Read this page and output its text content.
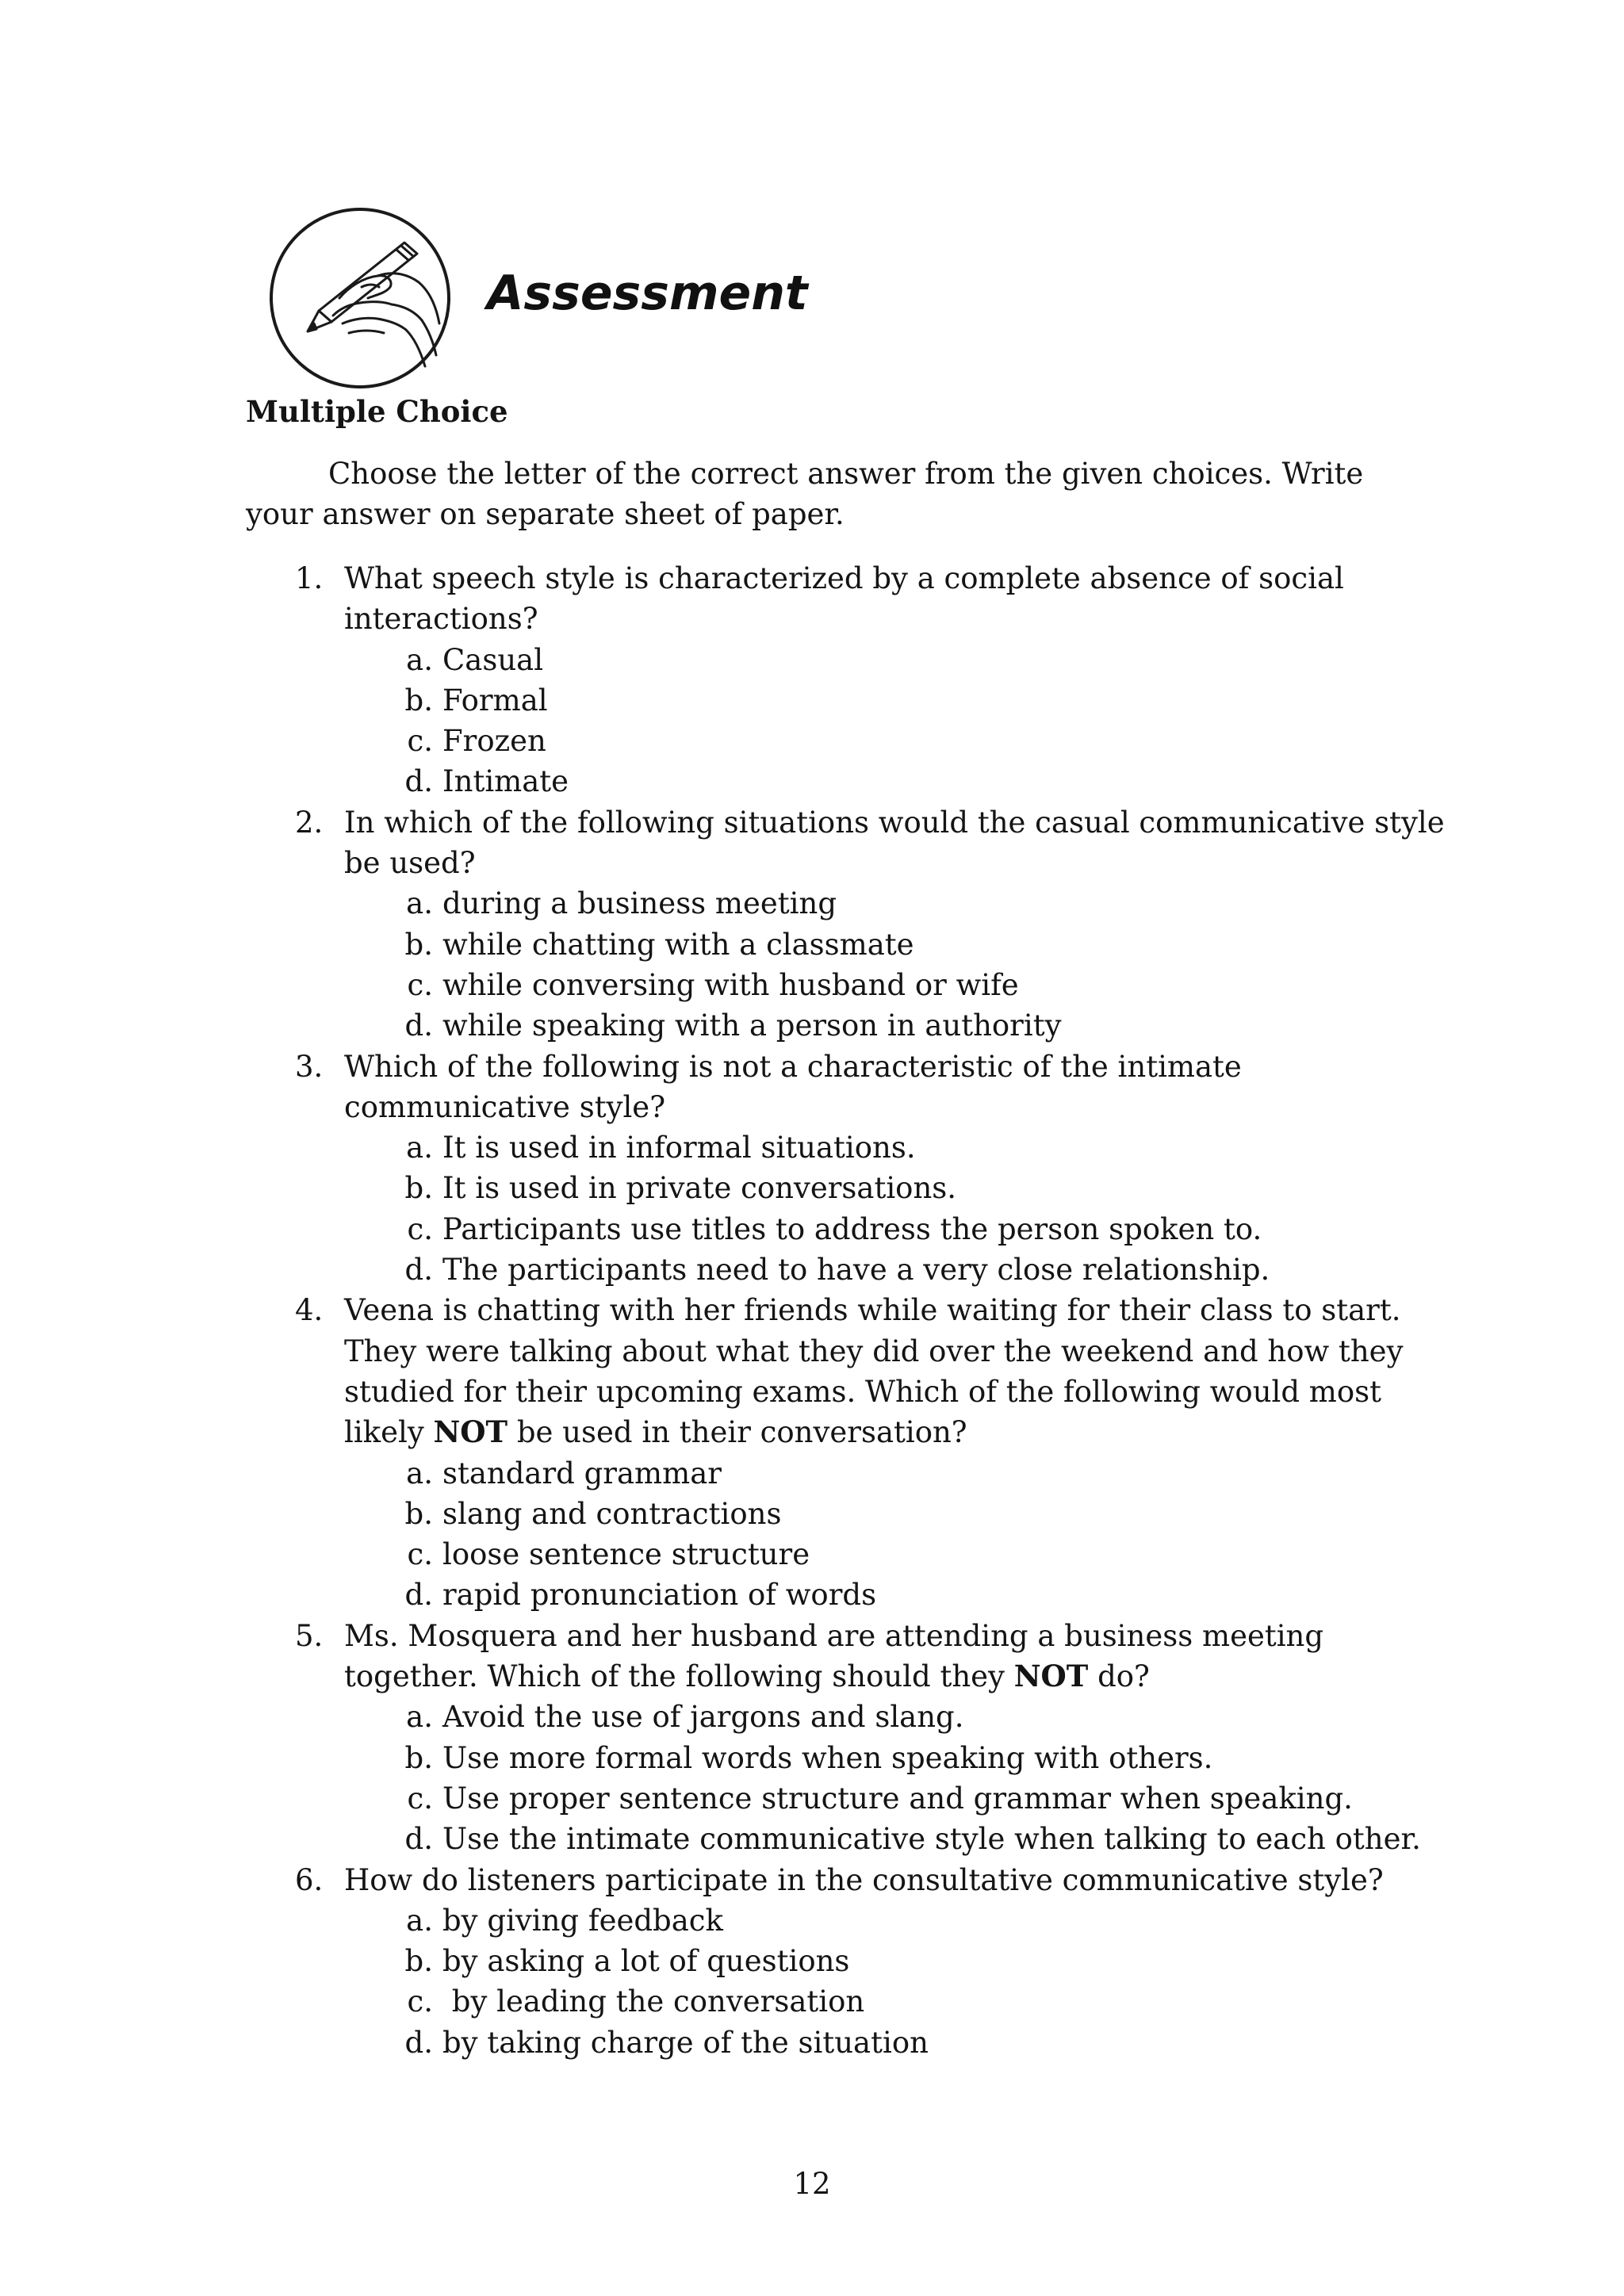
Assessment
Multiple Choice

Choose the letter of the correct answer from the given choices. Write your answer on separate sheet of paper.

1. What speech style is characterized by a complete absence of social
interactions?
a. Casual
b. Formal
c. Frozen
d. Intimate
2. In which of the following situations would the casual communicative style
be used?
a. during a business meeting
b. while chatting with a classmate
c. while conversing with husband or wife
d. while speaking with a person in authority
3. Which of the following is not a characteristic of the intimate
communicative style?
a. It is used in informal situations.
b. It is used in private conversations.
c. Participants use titles to address the person spoken to.
d. The participants need to have a very close relationship.
4. Veena is chatting with her friends while waiting for their class to start.
They were talking about what they did over the weekend and how they
studied for their upcoming exams. Which of the following would most
likely NOT be used in their conversation?
a. standard grammar
b. slang and contractions
c. loose sentence structure
d. rapid pronunciation of words
5. Ms. Mosquera and her husband are attending a business meeting
together. Which of the following should they NOT do?
a. Avoid the use of jargons and slang.
b. Use more formal words when speaking with others.
c. Use proper sentence structure and grammar when speaking.
d. Use the intimate communicative style when talking to each other.
6. How do listeners participate in the consultative communicative style?
a. by giving feedback
b. by asking a lot of questions
c. by leading the conversation
d. by taking charge of the situation

12
